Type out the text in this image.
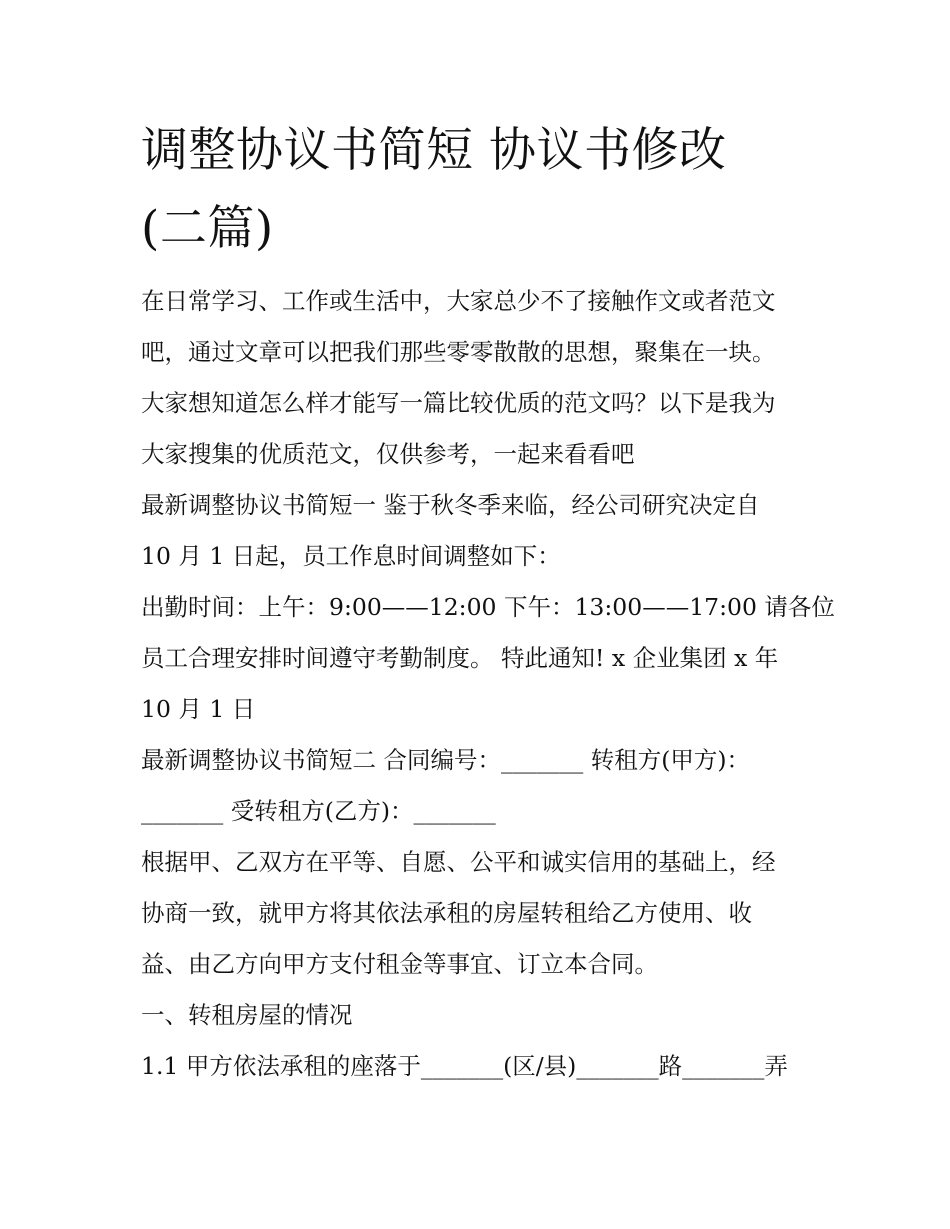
调整协议书简短 协议书修改
(二篇)
在日常学习、工作或生活中，大家总少不了接触作文或者范文
吧，通过文章可以把我们那些零零散散的思想，聚集在一块。
大家想知道怎么样才能写一篇比较优质的范文吗？以下是我为
大家搜集的优质范文，仅供参考，一起来看看吧
最新调整协议书简短一 鉴于秋冬季来临，经公司研究决定自
10 月 1 日起，员工作息时间调整如下：
出勤时间：上午：9:00——12:00 下午：13:00——17:00 请各位
员工合理安排时间遵守考勤制度。 特此通知! x 企业集团 x 年
10 月 1 日
最新调整协议书简短二 合同编号：_______ 转租方(甲方)：
_______ 受转租方(乙方)：_______
根据甲、乙双方在平等、自愿、公平和诚实信用的基础上，经
协商一致，就甲方将其依法承租的房屋转租给乙方使用、收
益、由乙方向甲方支付租金等事宜、订立本合同。
一、转租房屋的情况
1.1 甲方依法承租的座落于_______(区/县)_______路_______弄
